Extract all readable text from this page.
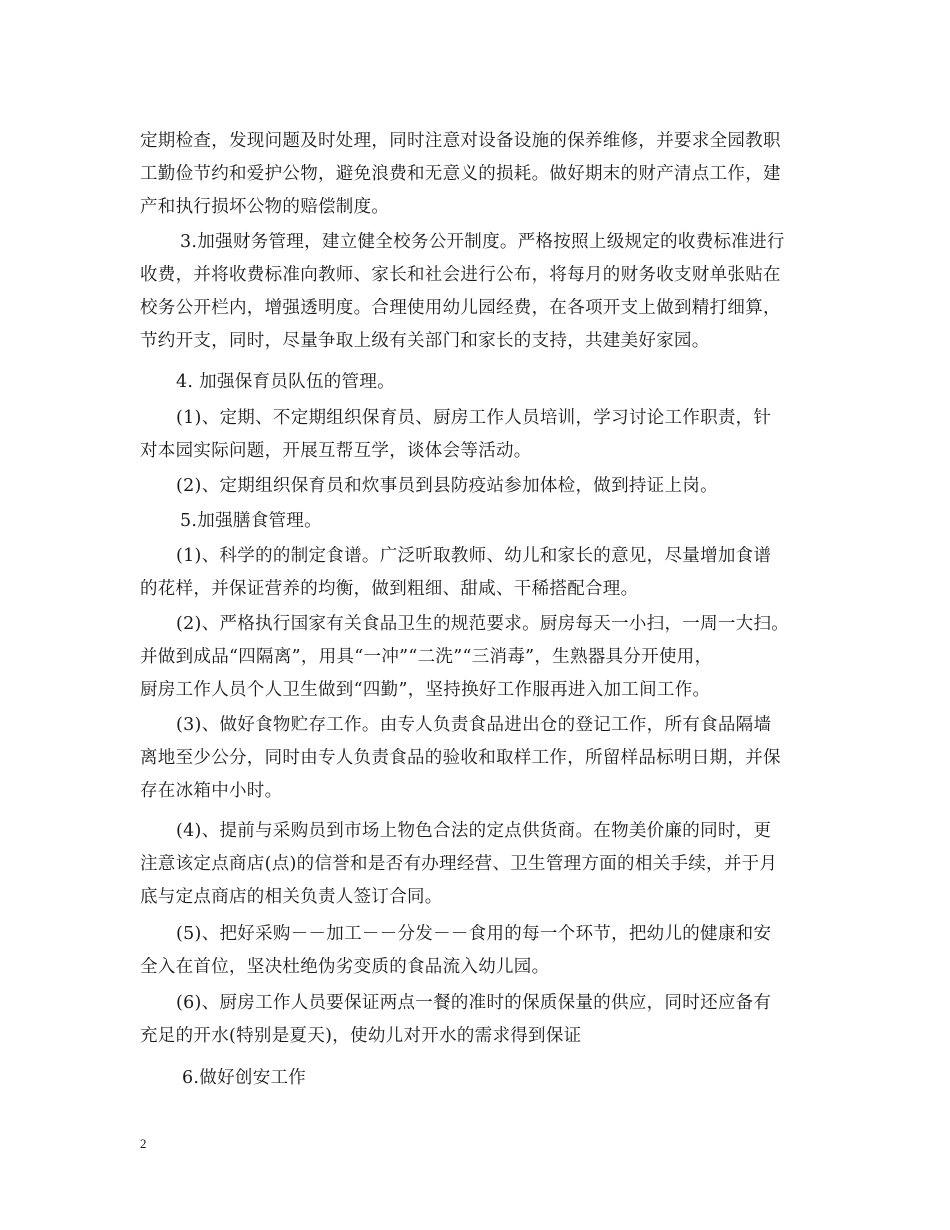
定期检查，发现问题及时处理，同时注意对设备设施的保养维修，并要求全园教职
工勤俭节约和爱护公物，避免浪费和无意义的损耗。做好期末的财产清点工作，建
产和执行损坏公物的赔偿制度。
3.加强财务管理，建立健全校务公开制度。严格按照上级规定的收费标准进行
收费，并将收费标准向教师、家长和社会进行公布，将每月的财务收支财单张贴在
校务公开栏内，增强透明度。合理使用幼儿园经费，在各项开支上做到精打细算，
节约开支，同时，尽量争取上级有关部门和家长的支持，共建美好家园。
4. 加强保育员队伍的管理。
(1)、定期、不定期组织保育员、厨房工作人员培训，学习讨论工作职责，针
对本园实际问题，开展互帮互学，谈体会等活动。
(2)、定期组织保育员和炊事员到县防疫站参加体检，做到持证上岗。
5.加强膳食管理。
(1)、科学的的制定食谱。广泛听取教师、幼儿和家长的意见，尽量增加食谱
的花样，并保证营养的均衡，做到粗细、甜咸、干稀搭配合理。
(2)、严格执行国家有关食品卫生的规范要求。厨房每天一小扫，一周一大扫。
并做到成品“四隔离”，用具“一冲”“二洗”“三消毒”，生熟器具分开使用，
厨房工作人员个人卫生做到“四勤”，坚持换好工作服再进入加工间工作。
(3)、做好食物贮存工作。由专人负责食品进出仓的登记工作，所有食品隔墙
离地至少公分，同时由专人负责食品的验收和取样工作，所留样品标明日期，并保
存在冰箱中小时。
(4)、提前与采购员到市场上物色合法的定点供货商。在物美价廉的同时，更
注意该定点商店(点)的信誉和是否有办理经营、卫生管理方面的相关手续，并于月
底与定点商店的相关负责人签订合同。
(5)、把好采购－－加工－－分发－－食用的每一个环节，把幼儿的健康和安
全入在首位，坚决杜绝伪劣变质的食品流入幼儿园。
(6)、厨房工作人员要保证两点一餐的准时的保质保量的供应，同时还应备有
充足的开水(特别是夏天)，使幼儿对开水的需求得到保证
6.做好创安工作
2
